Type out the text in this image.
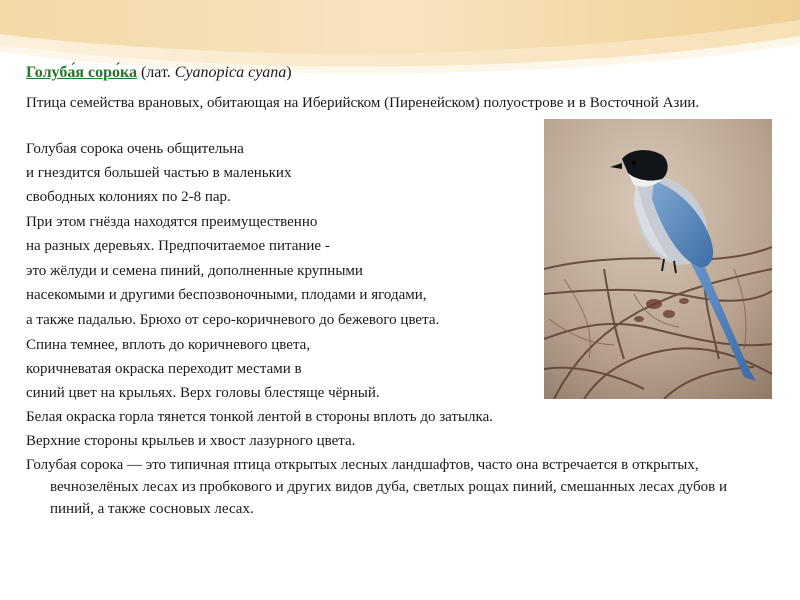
Голуба́я соро́ка (лат. Cyanopica cyana)
Птица семейства врановых, обитающая на Иберийском (Пиренейском) полуострове и в Восточной Азии.
Голубая сорока очень общительна
и гнездится большей частью в маленьких
свободных колониях по 2-8 пар.
При этом гнёзда находятся преимущественно
на разных деревьях. Предпочитаемое питание -
это жёлуди и семена пиний, дополненные крупными
насекомыми и другими беспозвоночными, плодами и ягодами,
а также падалью. Брюхо от серо-коричневого до бежевого цвета.
Спина темнее, вплоть до коричневого цвета,
коричневатая окраска переходит местами в
синий цвет на крыльях. Верх головы блестяще чёрный.
Белая окраска горла тянется тонкой лентой в стороны вплоть до затылка.
Верхние стороны крыльев и хвост лазурного цвета.
Голубая сорока — это типичная птица открытых лесных ландшафтов, часто она встречается в открытых, вечнозелёных лесах из пробкового и других видов дуба, светлых рощах пиний, смешанных лесах дубов и пиний, а также сосновых лесах.
